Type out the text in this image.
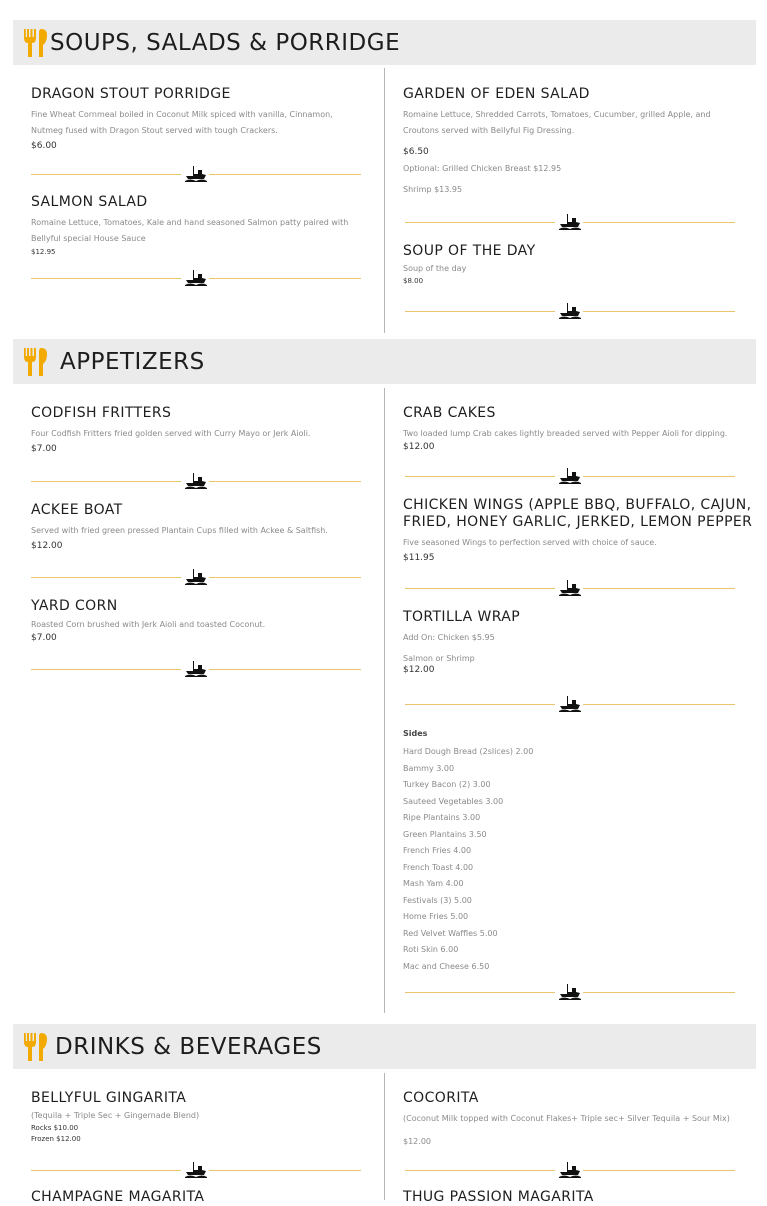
SOUPS, SALADS & PORRIDGE
DRAGON STOUT PORRIDGE
Fine Wheat Cornmeal boiled in Coconut Milk spiced with vanilla, Cinnamon, Nutmeg fused with Dragon Stout served with tough Crackers.
$6.00
SALMON SALAD
Romaine Lettuce, Tomatoes, Kale and hand seasoned Salmon patty paired with Bellyful special House Sauce
$12.95
GARDEN OF EDEN SALAD
Romaine Lettuce, Shredded Carrots, Tomatoes, Cucumber, grilled Apple, and Croutons served with Bellyful Fig Dressing.
$6.50
Optional: Grilled Chicken Breast $12.95
Shrimp $13.95
SOUP OF THE DAY
Soup of the day
$8.00
APPETIZERS
CODFISH FRITTERS
Four Codfish Fritters fried golden served with Curry Mayo or Jerk Aioli.
$7.00
ACKEE BOAT
Served with fried green pressed Plantain Cups filled with Ackee & Saltfish.
$12.00
YARD CORN
Roasted Corn brushed with Jerk Aioli and toasted Coconut.
$7.00
CRAB CAKES
Two loaded lump Crab cakes lightly breaded served with Pepper Aioli for dipping.
$12.00
CHICKEN WINGS (APPLE BBQ, BUFFALO, CAJUN,
FRIED, HONEY GARLIC, JERKED, LEMON PEPPER
Five seasoned Wings to perfection served with choice of sauce.
$11.95
TORTILLA WRAP
Add On: Chicken $5.95
Salmon or Shrimp
$12.00
Sides
Hard Dough Bread (2slices) 2.00
Bammy 3.00
Turkey Bacon (2) 3.00
Sauteed Vegetables 3.00
Ripe Plantains 3.00
Green Plantains 3.50
French Fries 4.00
French Toast 4.00
Mash Yam 4.00
Festivals (3) 5.00
Home Fries 5.00
Red Velvet Waffles 5.00
Roti Skin 6.00
Mac and Cheese 6.50
DRINKS & BEVERAGES
BELLYFUL GINGARITA
(Tequila + Triple Sec + Gingernade Blend)
Rocks $10.00
Frozen $12.00
CHAMPAGNE MAGARITA
COCORITA
(Coconut Milk topped with Coconut Flakes+ Triple sec+ Silver Tequila + Sour Mix)
$12.00
THUG PASSION MAGARITA
